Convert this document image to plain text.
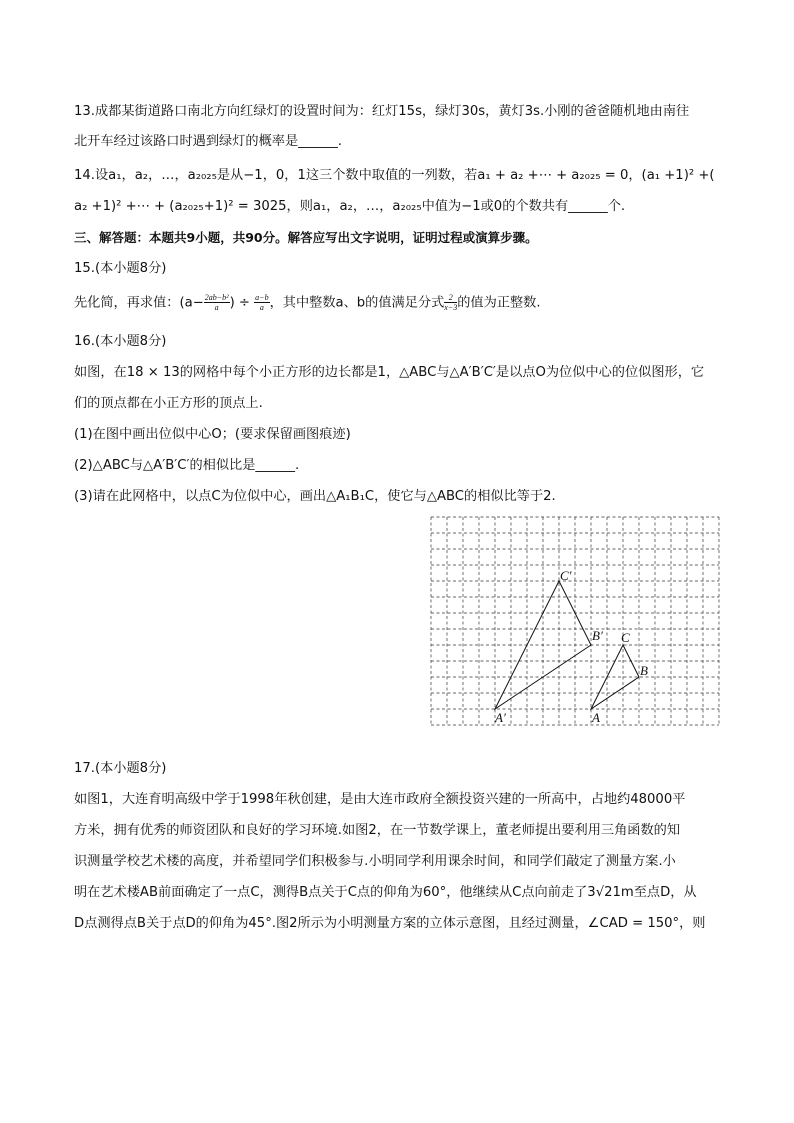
13.成都某街道路口南北方向红绿灯的设置时间为：红灯15s，绿灯30s，黄灯3s.小刚的爸爸随机地由南往
北开车经过该路口时遇到绿灯的概率是______.
14.设a₁，a₂，…，a₂₀₂₅是从−1，0，1这三个数中取值的一列数，若a₁ + a₂ +⋯ + a₂₀₂₅ = 0，(a₁ +1)² +(
a₂ +1)² +⋯ + (a₂₀₂₅+1)² = 3025，则a₁，a₂，…，a₂₀₂₅中值为−1或0的个数共有______个.
三、解答题：本题共9小题，共90分。解答应写出文字说明，证明过程或演算步骤。
15.(本小题8分)
先化简，再求值：($a- \frac{\text{2ab−b²}}{a}$ ) ÷ $\frac{a-b}{a}$ ，其中整数a、b的值满足分式 $\frac{2}{x-3}$ 的值为正整数.
16.(本小题8分)
如图，在18 × 13的网格中每个小正方形的边长都是1，△ABC与△A′B′C′是以点O为位似中心的位似图形，它
们的顶点都在小正方形的顶点上.
(1)在图中画出位似中心O；(要求保留画图痕迹)
(2)△ABC与△A′B′C′的相似比是______.
(3)请在此网格中，以点C为位似中心，画出△A₁B₁C，使它与△ABC的相似比等于2.
C′
B′
A′
C
B
A
17.(本小题8分)
如图1，大连育明高级中学于1998年秋创建，是由大连市政府全额投资兴建的一所高中，占地约48000平
方米，拥有优秀的师资团队和良好的学习环境.如图2，在一节数学课上，董老师提出要利用三角函数的知
识测量学校艺术楼的高度，并希望同学们积极参与.小明同学利用课余时间，和同学们敲定了测量方案.小
明在艺术楼AB前面确定了一点C，测得B点关于C点的仰角为60°，他继续从C点向前走了3√21m至点D，从
D点测得点B关于点D的仰角为45°.图2所示为小明测量方案的立体示意图，且经过测量，∠CAD = 150°，则
